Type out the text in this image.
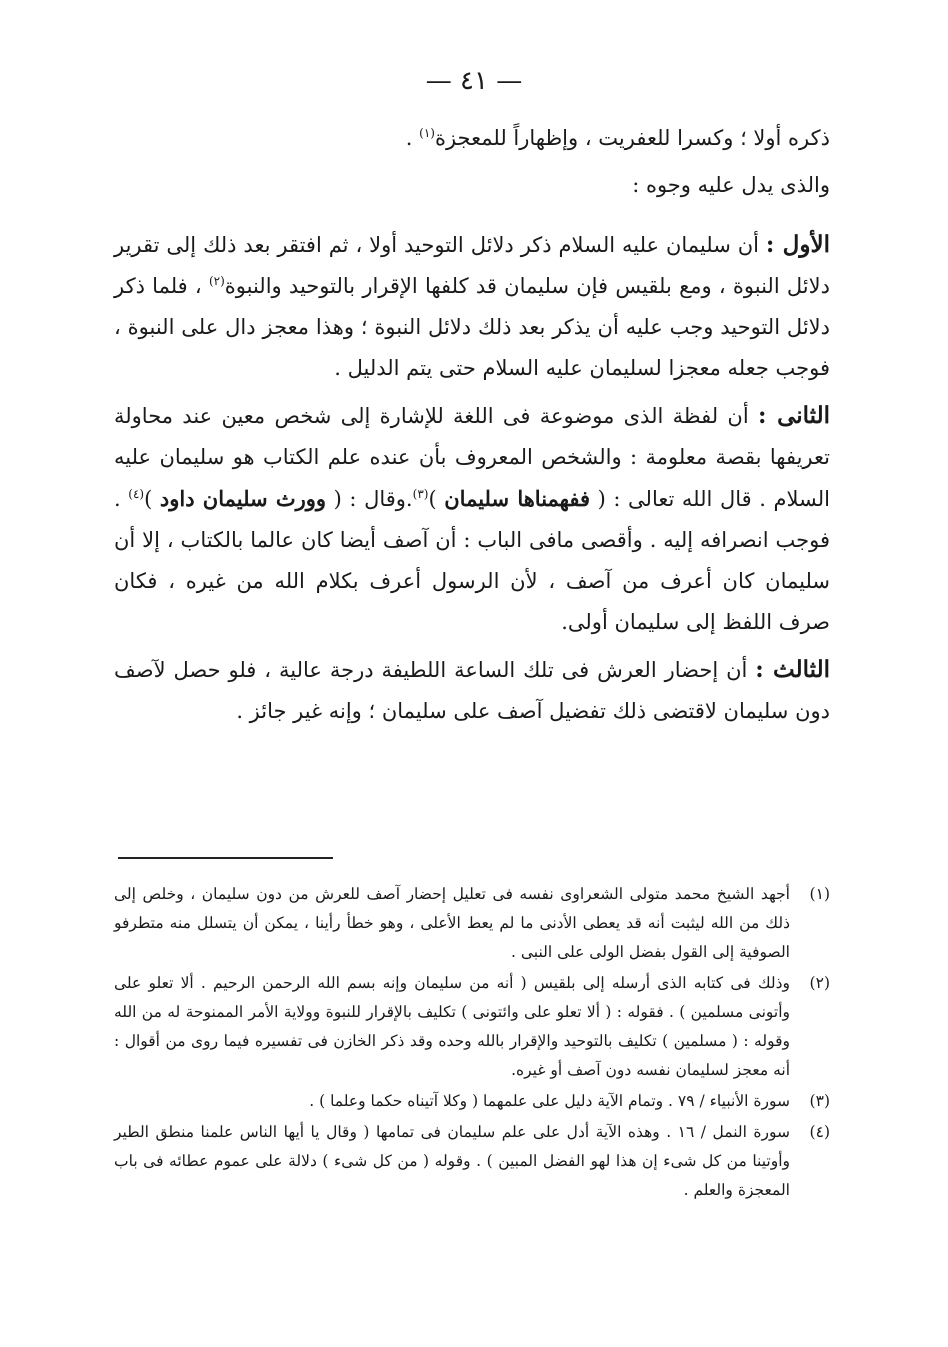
— ٤١ —

ذكره أولا ؛ وكسرا للعفريت ، وإظهاراً للمعجزة$^{(١)}$ .

والذى يدل عليه وجوه :

الأول : أن سليمان عليه السلام ذكر دلائل التوحيد أولا ، ثم افتقر بعد ذلك إلى تقرير دلائل النبوة ، ومع بلقيس فإن سليمان قد كلفها الإقرار بالتوحيد والنبوة$^{(٢)}$ ، فلما ذكر دلائل التوحيد وجب عليه أن يذكر بعد ذلك دلائل النبوة ؛ وهذا معجز دال على النبوة ، فوجب جعله معجزا لسليمان عليه السلام حتى يتم الدليل .

الثانى : أن لفظة الذى موضوعة فى اللغة للإشارة إلى شخص معين عند محاولة تعريفها بقصة معلومة : والشخص المعروف بأن عنده علم الكتاب هو سليمان عليه السلام . قال الله تعالى : ( ففهمناها سليمان )$^{(٣)}$.وقال : ( وورث سليمان داود )$^{(٤)}$ . فوجب انصرافه إليه . وأقصى مافى الباب : أن آصف أيضا كان عالما بالكتاب ، إلا أن سليمان كان أعرف من آصف ، لأن الرسول أعرف بكلام الله من غيره ، فكان صرف اللفظ إلى سليمان أولى.

الثالث : أن إحضار العرش فى تلك الساعة اللطيفة درجة عالية ، فلو حصل لآصف دون سليمان لاقتضى ذلك تفضيل آصف على سليمان ؛ وإنه غير جائز .

(١)
أجهد الشيخ محمد متولى الشعراوى نفسه فى تعليل إحضار آصف للعرش من دون سليمان ، وخلص إلى ذلك من الله ليثبت أنه قد يعطى الأدنى ما لم يعط الأعلى ، وهو خطأ رأينا ، يمكن أن يتسلل منه متطرفو الصوفية إلى القول بفضل الولى على النبى .
(٢)
وذلك فى كتابه الذى أرسله إلى بلقيس ( أنه من سليمان وإنه بسم الله الرحمن الرحيم . ألا تعلو على وأتونى مسلمين ) . فقوله : ( ألا تعلو على وائتونى ) تكليف بالإقرار للنبوة وولاية الأمر الممنوحة له من الله وقوله : ( مسلمين ) تكليف بالتوحيد والإقرار بالله وحده وقد ذكر الخازن فى تفسيره فيما روى من أقوال : أنه معجز لسليمان نفسه دون آصف أو غيره.
(٣)
سورة الأنبياء / ٧٩ . وتمام الآية دليل على علمهما ( وكلا آتيناه حكما وعلما ) .
(٤)
سورة النمل / ١٦ . وهذه الآية أدل على علم سليمان فى تمامها ( وقال يا أيها الناس علمنا منطق الطير وأوتينا من كل شىء إن هذا لهو الفضل المبين ) . وقوله ( من كل شىء ) دلالة على عموم عطائه فى باب المعجزة والعلم .
